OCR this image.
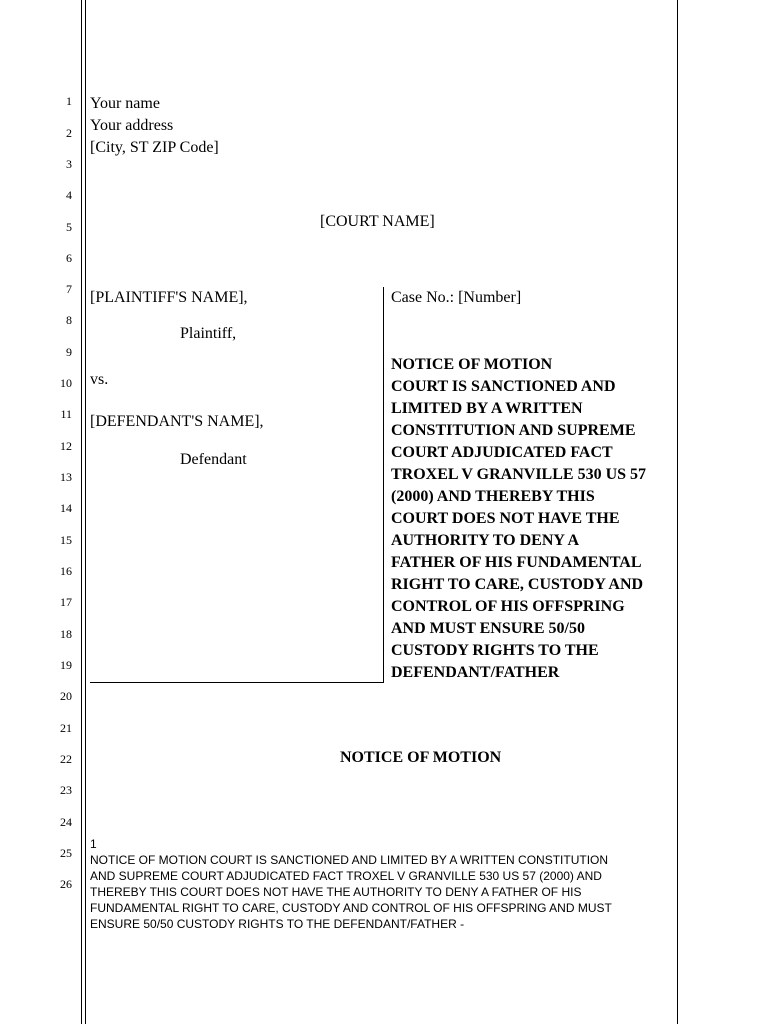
1
2
3
4
5
6
7
8
9
10
11
12
13
14
15
16
17
18
19
20
21
22
23
24
25
26
Your name
Your address
[City, ST ZIP Code]
[COURT NAME]
[PLAINTIFF'S NAME],
Plaintiff,
vs.
[DEFENDANT'S NAME],
Defendant
Case No.: [Number]
NOTICE OF MOTION
COURT IS SANCTIONED AND
LIMITED BY A WRITTEN
CONSTITUTION AND SUPREME
COURT ADJUDICATED FACT
TROXEL V GRANVILLE 530 US 57
(2000) AND THEREBY THIS
COURT DOES NOT HAVE THE
AUTHORITY TO DENY A
FATHER OF HIS FUNDAMENTAL
RIGHT TO CARE, CUSTODY AND
CONTROL OF HIS OFFSPRING
AND MUST ENSURE 50/50
CUSTODY RIGHTS TO THE
DEFENDANT/FATHER
NOTICE OF MOTION
1
NOTICE OF MOTION COURT IS SANCTIONED AND LIMITED BY A WRITTEN CONSTITUTION
AND SUPREME COURT ADJUDICATED FACT TROXEL V GRANVILLE 530 US 57 (2000) AND
THEREBY THIS COURT DOES NOT HAVE THE AUTHORITY TO DENY A FATHER OF HIS
FUNDAMENTAL RIGHT TO CARE, CUSTODY AND CONTROL OF HIS OFFSPRING AND MUST
ENSURE 50/50 CUSTODY RIGHTS TO THE DEFENDANT/FATHER -
